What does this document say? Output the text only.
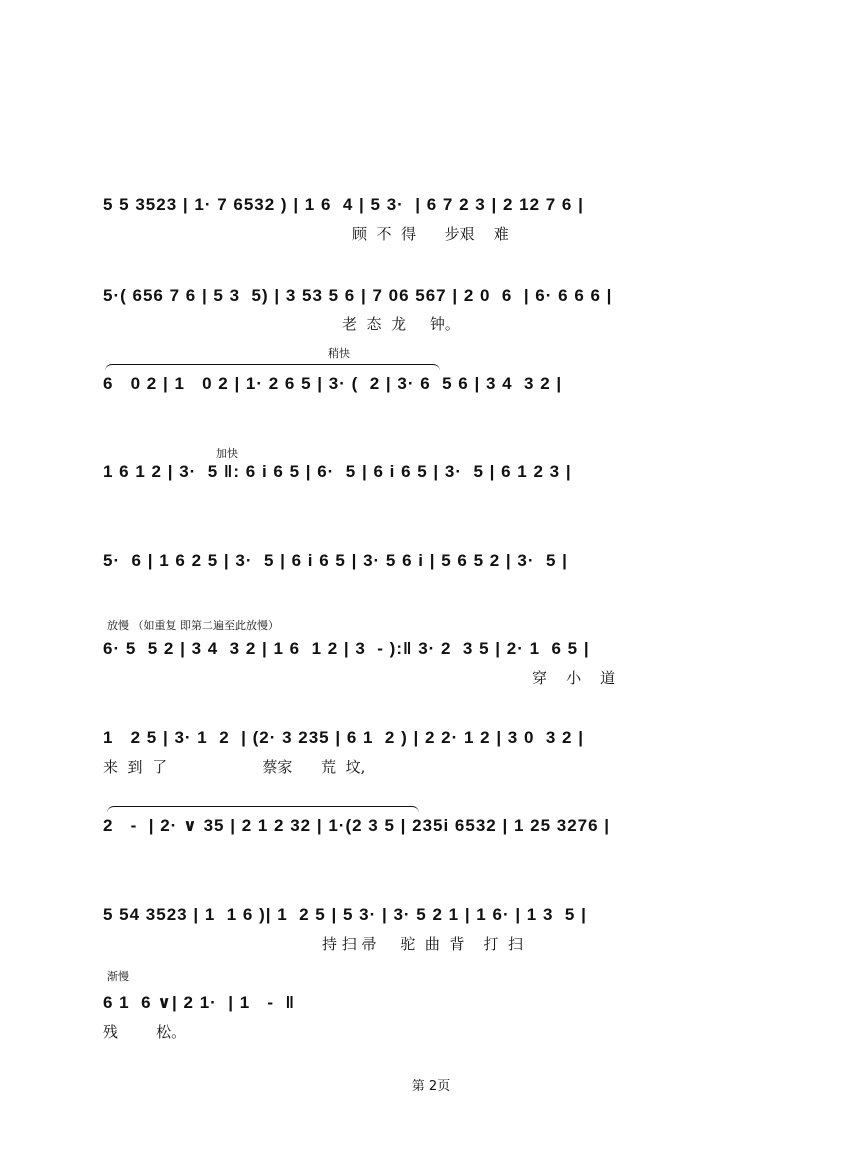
5 5 3523 | 1· 7 6532 ) | 1 6  4 | 5 3·  | 6 7 2 3 | 2 12 7 6 |
顾  不  得      步艰    难
5·( 656 7 6 | 5 3  5) | 3 53 5 6 | 7 06 567 | 2 0  6  | 6· 6 6 6 |
老  态  龙     钟。
稍快
6   0 2 | 1   0 2 | 1· 2 6 5 | 3· (  2 | 3· 6  5 6 | 3 4  3 2 |
加快
1 6 1 2 | 3·  5 ‖: 6 i 6 5 | 6·  5 | 6 i 6 5 | 3·  5 | 6 1 2 3 |
5·  6 | 1 6 2 5 | 3·  5 | 6 i 6 5 | 3· 5 6 i | 5 6 5 2 | 3·  5 |
放慢 （如重复 即第二遍至此放慢）
6· 5  5 2 | 3 4  3 2 | 1 6  1 2 | 3  - ):‖ 3· 2  3 5 | 2· 1  6 5 |
穿    小    道
1   2 5 | 3· 1  2  | (2· 3 235 | 6 1  2 ) | 2 2· 1 2 | 3 0  3 2 |
来  到  了                    蔡家      荒  坟,
2   -  | 2· ∨ 35 | 2 1 2 32 | 1·(2 3 5 | 235i 6532 | 1 25 3276 |
5 54 3523 | 1  1 6 )| 1  2 5 | 5 3· | 3· 5 2 1 | 1 6· | 1 3  5 |
持 扫 帚     驼  曲  背    打  扫
渐慢
6 1  6 ∨| 2 1·  | 1   -  ‖
残        松。
第 2页
